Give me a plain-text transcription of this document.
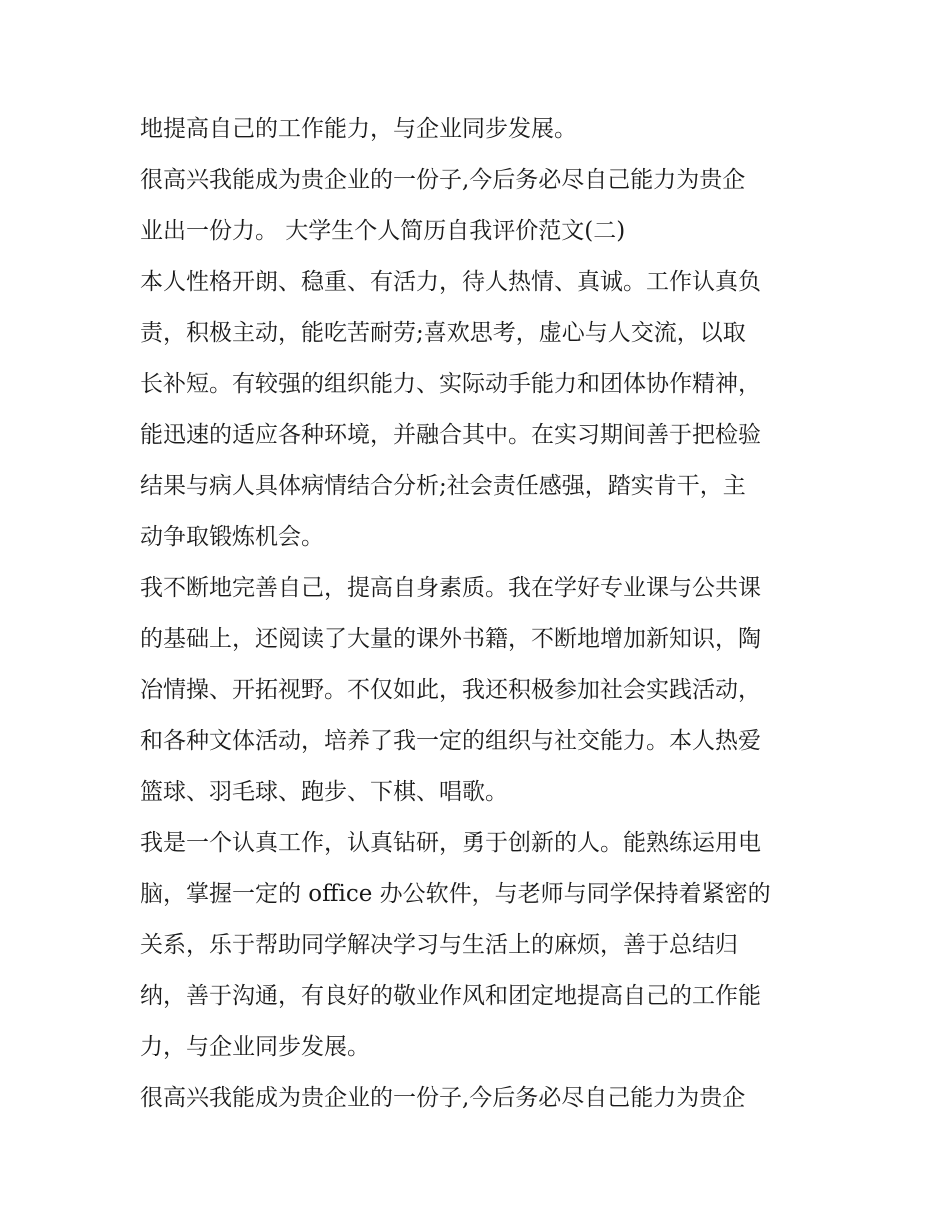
地提高自己的工作能力，与企业同步发展。
很高兴我能成为贵企业的一份子,今后务必尽自己能力为贵企
业出一份力。 大学生个人简历自我评价范文(二)
本人性格开朗、稳重、有活力，待人热情、真诚。工作认真负
责，积极主动，能吃苦耐劳;喜欢思考，虚心与人交流，以取
长补短。有较强的组织能力、实际动手能力和团体协作精神，
能迅速的适应各种环境，并融合其中。在实习期间善于把检验
结果与病人具体病情结合分析;社会责任感强，踏实肯干，主
动争取锻炼机会。
我不断地完善自己，提高自身素质。我在学好专业课与公共课
的基础上，还阅读了大量的课外书籍，不断地增加新知识，陶
冶情操、开拓视野。不仅如此，我还积极参加社会实践活动，
和各种文体活动，培养了我一定的组织与社交能力。本人热爱
篮球、羽毛球、跑步、下棋、唱歌。
我是一个认真工作，认真钻研，勇于创新的人。能熟练运用电
脑，掌握一定的 office 办公软件，与老师与同学保持着紧密的
关系，乐于帮助同学解决学习与生活上的麻烦，善于总结归
纳，善于沟通，有良好的敬业作风和团定地提高自己的工作能
力，与企业同步发展。
很高兴我能成为贵企业的一份子,今后务必尽自己能力为贵企
